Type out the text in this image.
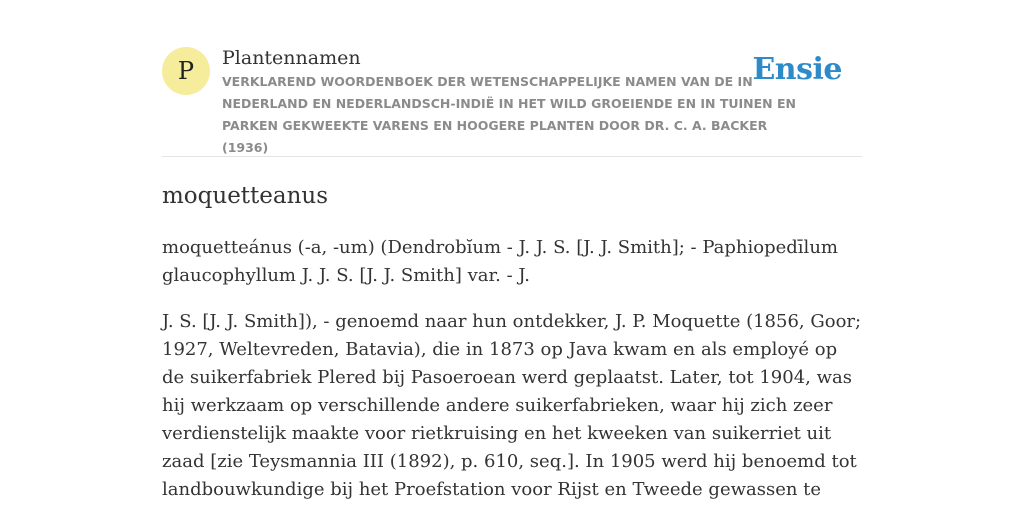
P Plantennamen

VERKLAREND WOORDENBOEK DER WETENSCHAPPELIJKE NAMEN VAN DE IN NEDERLAND EN NEDERLANDSCH-INDIË IN HET WILD GROEIENDE EN IN TUINEN EN PARKEN GEKWEEKTE VARENS EN HOOGERE PLANTEN DOOR DR. C. A. BACKER (1936)

Ensie
moquetteanus

moquetteánus (-a, -um) (Dendrobĭum - J. J. S. [J. J. Smith]; - Paphiopedīlum glaucophyllum J. J. S. [J. J. Smith] var. - J.

J. S. [J. J. Smith]), - genoemd naar hun ontdekker, J. P. Moquette (1856, Goor; 1927, Weltevreden, Batavia), die in 1873 op Java kwam en als employé op de suikerfabriek Plered bij Pasoeroean werd geplaatst. Later, tot 1904, was hij werkzaam op verschillende andere suikerfabrieken, waar hij zich zeer verdienstelijk maakte voor rietkruising en het kweeken van suikerriet uit zaad [zie Teysmannia III (1892), p. 610, seq.]. In 1905 werd hij benoemd tot landbouwkundige bij het Proefstation voor Rijst en Tweede gewassen te
